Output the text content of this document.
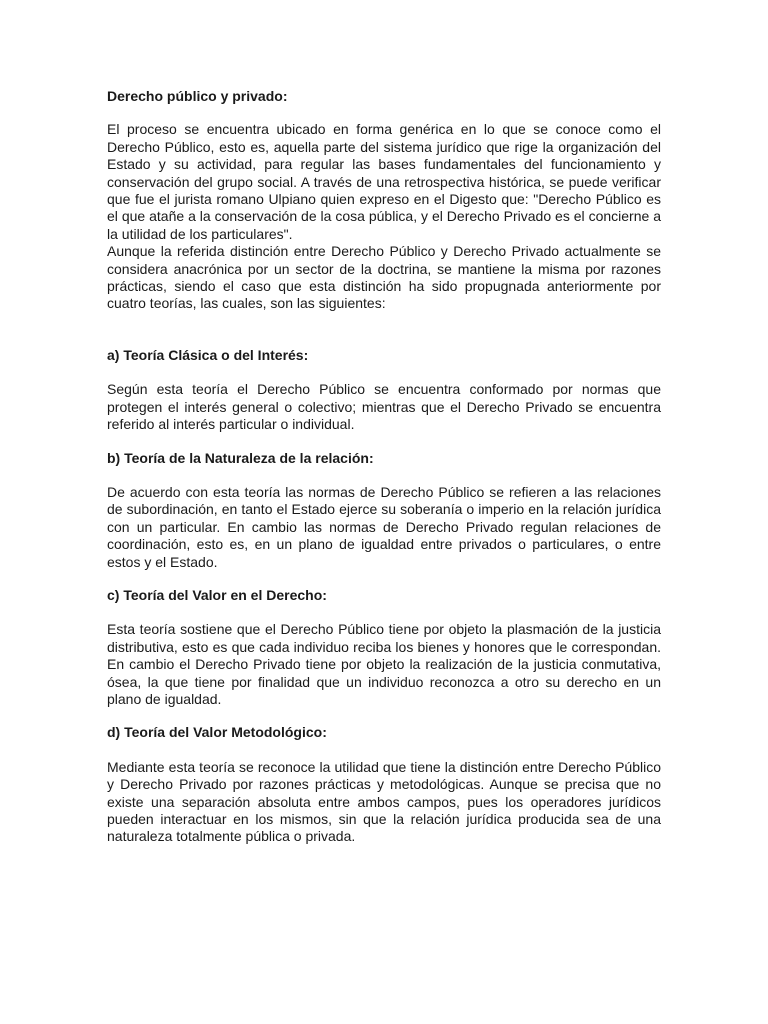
Derecho público y privado:

El proceso se encuentra ubicado en forma genérica en lo que se conoce como el Derecho Público, esto es, aquella parte del sistema jurídico que rige la organización del Estado y su actividad, para regular las bases fundamentales del funcionamiento y conservación del grupo social. A través de una retrospectiva histórica, se puede verificar que fue el jurista romano Ulpiano quien expreso en el Digesto que: "Derecho Público es el que atañe a la conservación de la cosa pública, y el Derecho Privado es el concierne a la utilidad de los particulares".

Aunque la referida distinción entre Derecho Público y Derecho Privado actualmente se considera anacrónica por un sector de la doctrina, se mantiene la misma por razones prácticas, siendo el caso que esta distinción ha sido propugnada anteriormente por cuatro teorías, las cuales, son las siguientes:

a) Teoría Clásica o del Interés:

Según esta teoría el Derecho Público se encuentra conformado por normas que protegen el interés general o colectivo; mientras que el Derecho Privado se encuentra referido al interés particular o individual.

b) Teoría de la Naturaleza de la relación:

De acuerdo con esta teoría las normas de Derecho Público se refieren a las relaciones de subordinación, en tanto el Estado ejerce su soberanía o imperio en la relación jurídica con un particular. En cambio las normas de Derecho Privado regulan relaciones de coordinación, esto es, en un plano de igualdad entre privados o particulares, o entre estos y el Estado.

c) Teoría del Valor en el Derecho:

Esta teoría sostiene que el Derecho Público tiene por objeto la plasmación de la justicia distributiva, esto es que cada individuo reciba los bienes y honores que le correspondan. En cambio el Derecho Privado tiene por objeto la realización de la justicia conmutativa, ósea, la que tiene por finalidad que un individuo reconozca a otro su derecho en un plano de igualdad.

d) Teoría del Valor Metodológico:

Mediante esta teoría se reconoce la utilidad que tiene la distinción entre Derecho Público y Derecho Privado por razones prácticas y metodológicas. Aunque se precisa que no existe una separación absoluta entre ambos campos, pues los operadores jurídicos pueden interactuar en los mismos, sin que la relación jurídica producida sea de una naturaleza totalmente pública o privada.
